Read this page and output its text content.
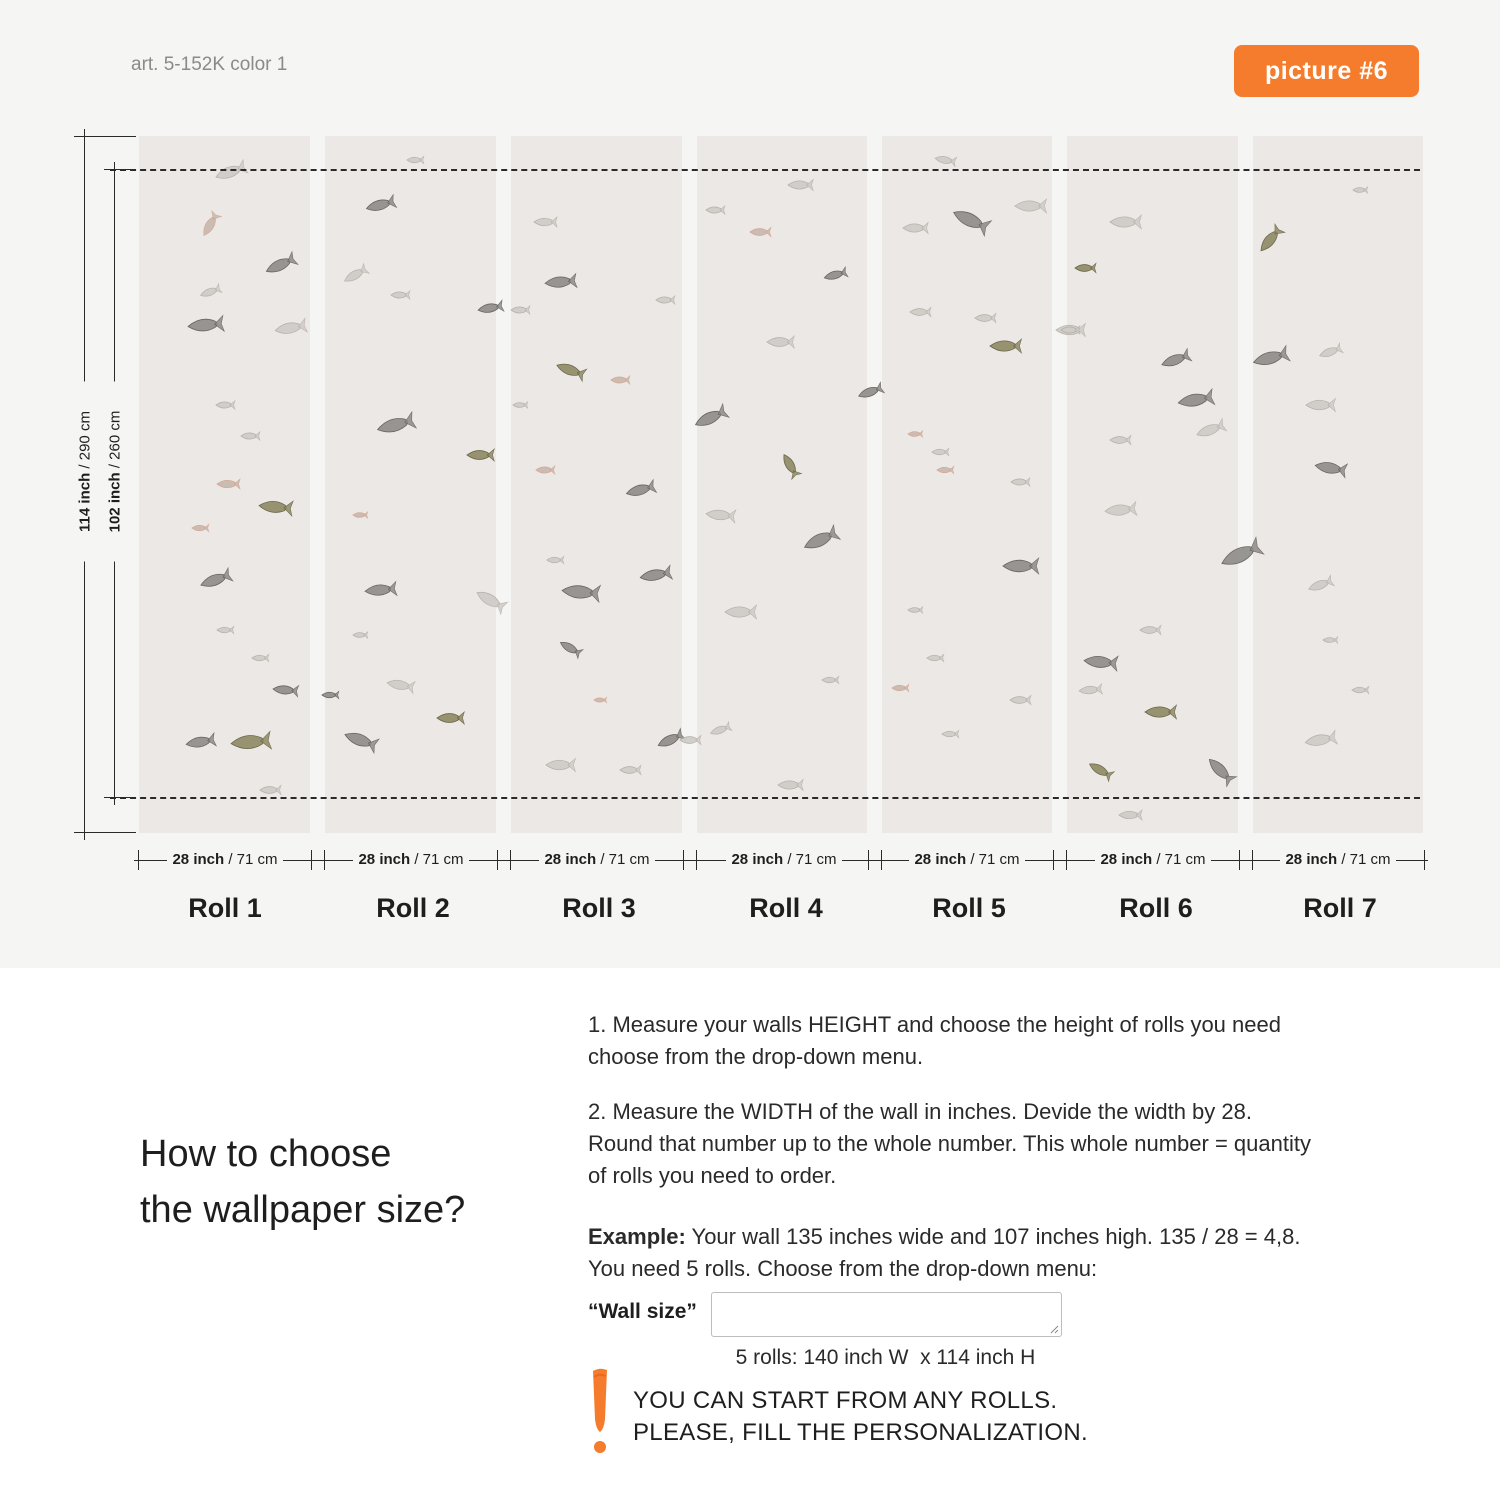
art. 5-152K color 1	picture #6
114 inch / 290 cm
102 inch / 260 cm
28 inch / 71 cm	28 inch / 71 cm	28 inch / 71 cm	28 inch / 71 cm	28 inch / 71 cm	28 inch / 71 cm	28 inch / 71 cm
Roll 1	Roll 2	Roll 3	Roll 4	Roll 5	Roll 6	Roll 7
How to choose
the wallpaper size?
1. Measure your walls HEIGHT and choose the height of rolls you need
choose from the drop-down menu.
2. Measure the WIDTH of the wall in inches. Devide the width by 28.
Round that number up to the whole number. This whole number = quantity
of rolls you need to order.
Example: Your wall 135 inches wide and 107 inches high. 135 / 28 = 4,8.
You need 5 rolls. Choose from the drop-down menu:
“Wall size”

5 rolls: 140 inch W  x 114 inch H

YOU CAN START FROM ANY ROLLS.
PLEASE, FILL THE PERSONALIZATION.
